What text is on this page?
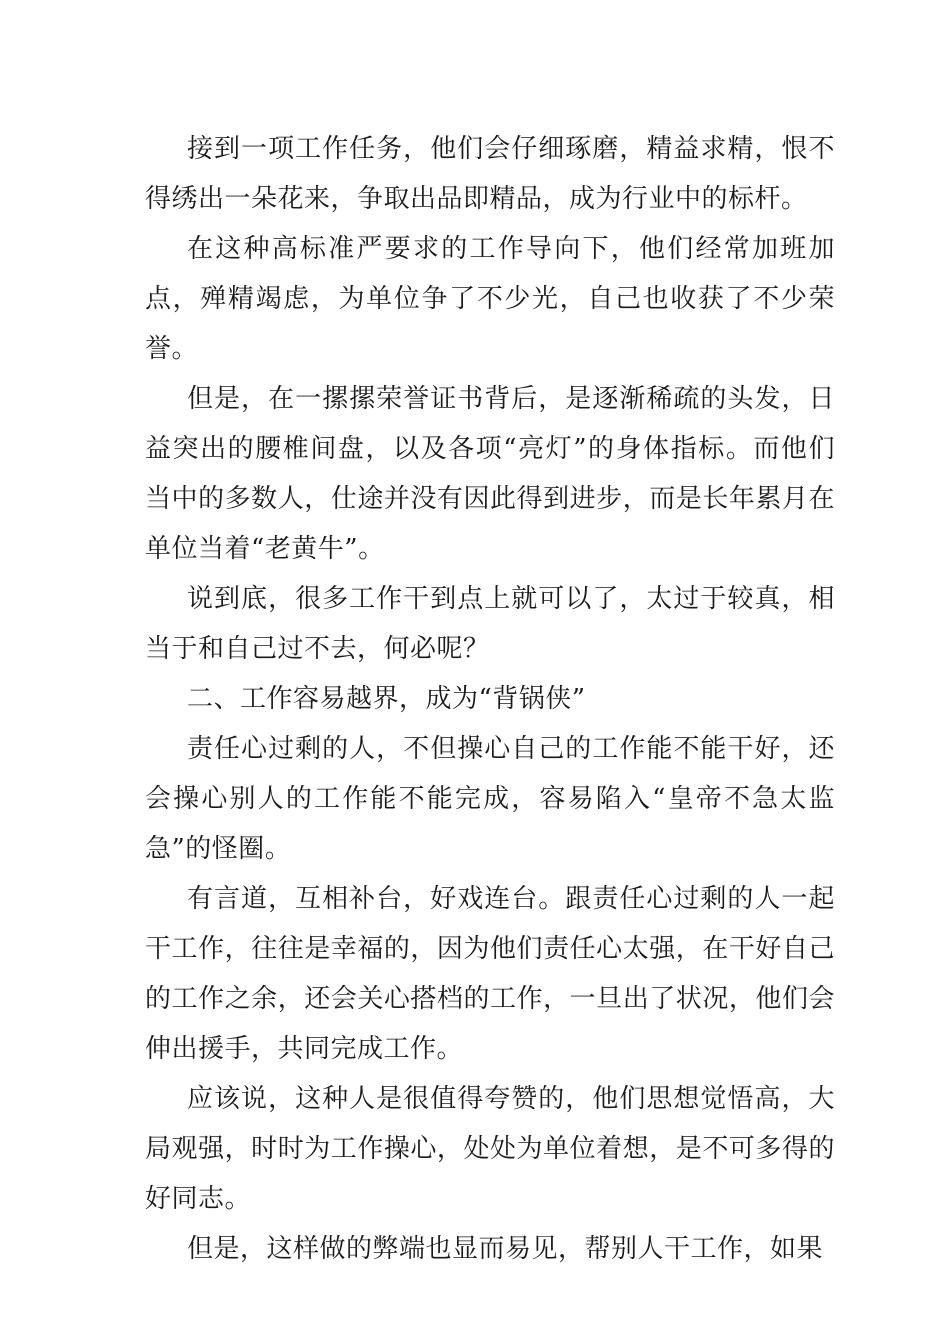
接到一项工作任务，他们会仔细琢磨，精益求精，恨不得绣出一朵花来，争取出品即精品，成为行业中的标杆。

在这种高标准严要求的工作导向下，他们经常加班加点，殚精竭虑，为单位争了不少光，自己也收获了不少荣誉。

但是，在一摞摞荣誉证书背后，是逐渐稀疏的头发，日益突出的腰椎间盘，以及各项“亮灯”的身体指标。而他们当中的多数人，仕途并没有因此得到进步，而是长年累月在单位当着“老黄牛”。

说到底，很多工作干到点上就可以了，太过于较真，相当于和自己过不去，何必呢？

二、工作容易越界，成为“背锅侠”

责任心过剩的人，不但操心自己的工作能不能干好，还会操心别人的工作能不能完成，容易陷入“皇帝不急太监急”的怪圈。

有言道，互相补台，好戏连台。跟责任心过剩的人一起干工作，往往是幸福的，因为他们责任心太强，在干好自己的工作之余，还会关心搭档的工作，一旦出了状况，他们会伸出援手，共同完成工作。

应该说，这种人是很值得夸赞的，他们思想觉悟高，大局观强，时时为工作操心，处处为单位着想，是不可多得的好同志。

但是，这样做的弊端也显而易见，帮别人干工作，如果
